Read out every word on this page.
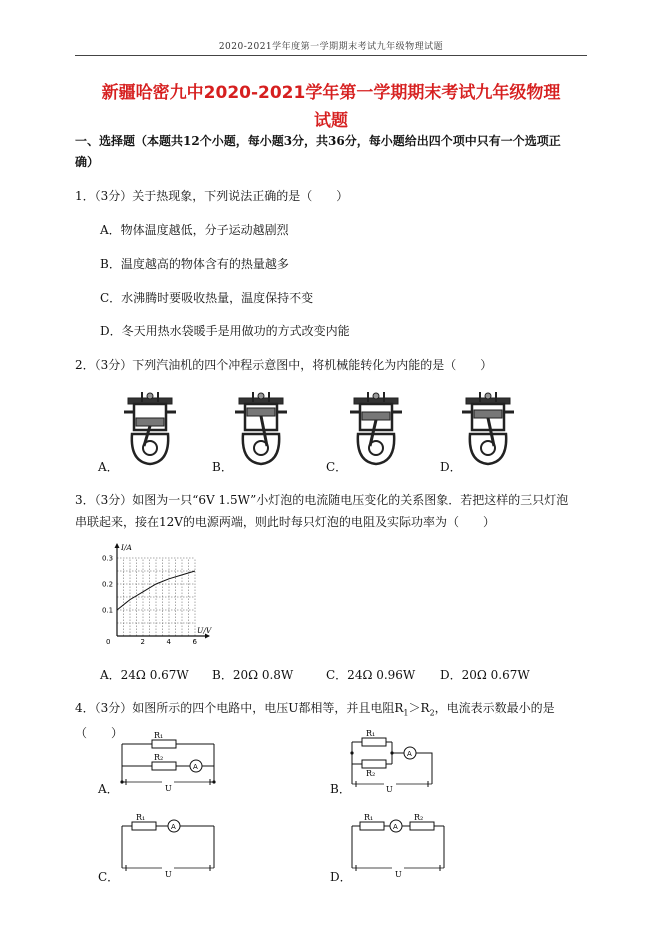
2020-2021学年度第一学期期末考试九年级物理试题
新疆哈密九中2020-2021学年第一学期期末考试九年级物理
试题
一、选择题（本题共12个小题，每小题3分，共36分，每小题给出四个项中只有一个选项正
确）
1．（3分）关于热现象，下列说法正确的是（　　）
A．物体温度越低，分子运动越剧烈
B．温度越高的物体含有的热量越多
C．水沸腾时要吸收热量，温度保持不变
D．冬天用热水袋暖手是用做功的方式改变内能
2．（3分）下列汽油机的四个冲程示意图中，将机械能转化为内能的是（　　）
A．	B．	C．	D．
3．（3分）如图为一只“6V 1.5W”小灯泡的电流随电压变化的关系图象．若把这样的三只灯泡
串联起来，接在12V的电源两端，则此时每只灯泡的电阻及实际功率为（　　）
I/A
U/V
0	2	4	6
0.1
0.2
0.3
A．24Ω 0.67W B．20Ω 0.8W	C．24Ω 0.96W D．20Ω 0.67W
4．（3分）如图所示的四个电路中，电压U都相等，并且电阻$R_1>R_2$，电流表示数最小的是（　　）	R₁
R₂
A
U
A．
R₁
R₂
A
U
B．
R₁
A
U
C．
R₁
A
R₂
U
D．
